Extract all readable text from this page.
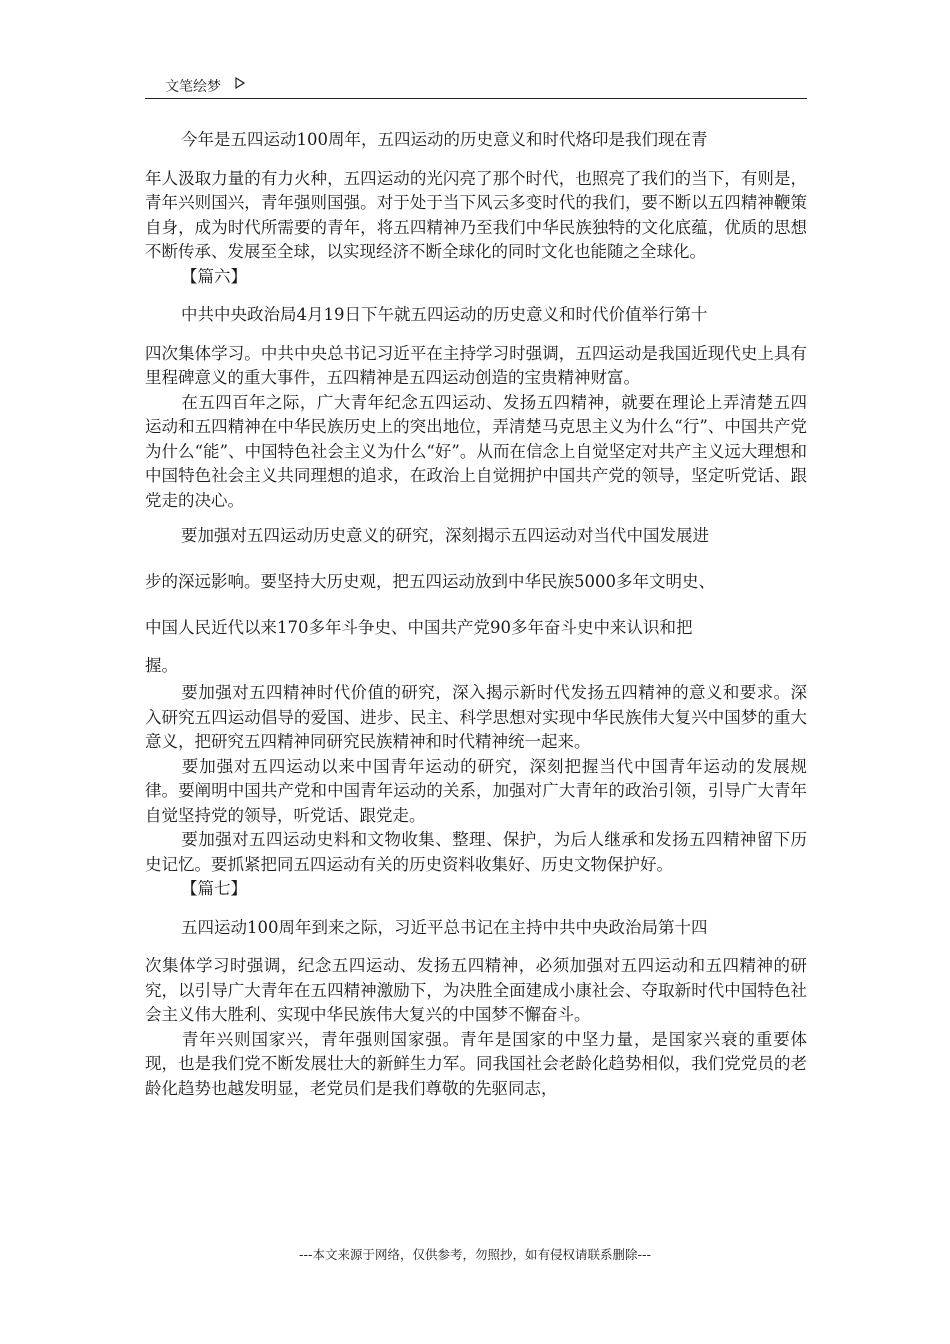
文笔绘梦
今年是五四运动100周年，五四运动的历史意义和时代烙印是我们现在青
年人汲取力量的有力火种，五四运动的光闪亮了那个时代，也照亮了我们的当下，有则是，青年兴则国兴，青年强则国强。对于处于当下风云多变时代的我们，要不断以五四精神鞭策自身，成为时代所需要的青年，将五四精神乃至我们中华民族独特的文化底蕴，优质的思想不断传承、发展至全球，以实现经济不断全球化的同时文化也能随之全球化。
【篇六】
中共中央政治局4月19日下午就五四运动的历史意义和时代价值举行第十
四次集体学习。中共中央总书记习近平在主持学习时强调，五四运动是我国近现代史上具有里程碑意义的重大事件，五四精神是五四运动创造的宝贵精神财富。
在五四百年之际，广大青年纪念五四运动、发扬五四精神，就要在理论上弄清楚五四运动和五四精神在中华民族历史上的突出地位，弄清楚马克思主义为什么“行”、中国共产党为什么“能”、中国特色社会主义为什么“好”。从而在信念上自觉坚定对共产主义远大理想和中国特色社会主义共同理想的追求，在政治上自觉拥护中国共产党的领导，坚定听党话、跟党走的决心。
要加强对五四运动历史意义的研究，深刻揭示五四运动对当代中国发展进
步的深远影响。要坚持大历史观，把五四运动放到中华民族5000多年文明史、
中国人民近代以来170多年斗争史、中国共产党90多年奋斗史中来认识和把
握。
要加强对五四精神时代价值的研究，深入揭示新时代发扬五四精神的意义和要求。深入研究五四运动倡导的爱国、进步、民主、科学思想对实现中华民族伟大复兴中国梦的重大意义，把研究五四精神同研究民族精神和时代精神统一起来。
要加强对五四运动以来中国青年运动的研究，深刻把握当代中国青年运动的发展规律。要阐明中国共产党和中国青年运动的关系，加强对广大青年的政治引领，引导广大青年自觉坚持党的领导，听党话、跟党走。
要加强对五四运动史料和文物收集、整理、保护，为后人继承和发扬五四精神留下历史记忆。要抓紧把同五四运动有关的历史资料收集好、历史文物保护好。
【篇七】
五四运动100周年到来之际，习近平总书记在主持中共中央政治局第十四
次集体学习时强调，纪念五四运动、发扬五四精神，必须加强对五四运动和五四精神的研究，以引导广大青年在五四精神激励下，为决胜全面建成小康社会、夺取新时代中国特色社会主义伟大胜利、实现中华民族伟大复兴的中国梦不懈奋斗。
青年兴则国家兴，青年强则国家强。青年是国家的中坚力量，是国家兴衰的重要体现，也是我们党不断发展壮大的新鲜生力军。同我国社会老龄化趋势相似，我们党党员的老龄化趋势也越发明显，老党员们是我们尊敬的先驱同志，
---本文来源于网络，仅供参考，勿照抄，如有侵权请联系删除---
